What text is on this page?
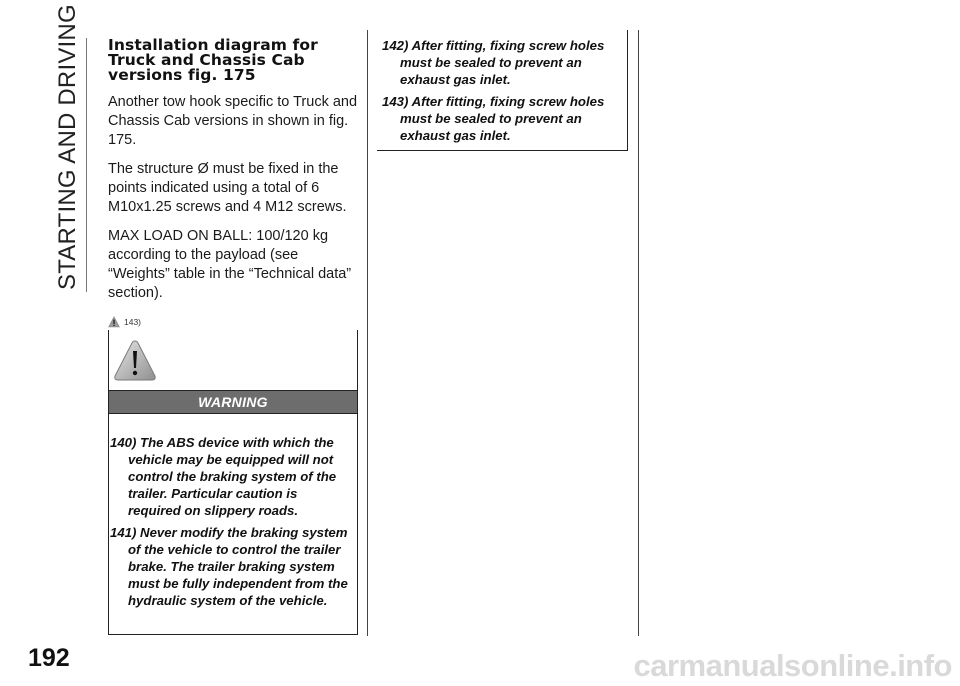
STARTING AND DRIVING Installation diagram for Truck and Chassis Cab versions fig. 175

Another tow hook specific to Truck and Chassis Cab versions in shown in fig. 175.

The structure Ø must be fixed in the points indicated using a total of 6 M10x1.25 screws and 4 M12 screws.

MAX LOAD ON BALL: 100/120 kg according to the payload (see “Weights” table in the “Technical data” section).

143)
WARNING

140) The ABS device with which the vehicle may be equipped will not control the braking system of the trailer. Particular caution is required on slippery roads.

141) Never modify the braking system of the vehicle to control the trailer brake. The trailer braking system must be fully independent from the hydraulic system of the vehicle.

142) After fitting, fixing screw holes must be sealed to prevent an exhaust gas inlet.

143) After fitting, fixing screw holes must be sealed to prevent an exhaust gas inlet.

192	carmanualsonline.info
